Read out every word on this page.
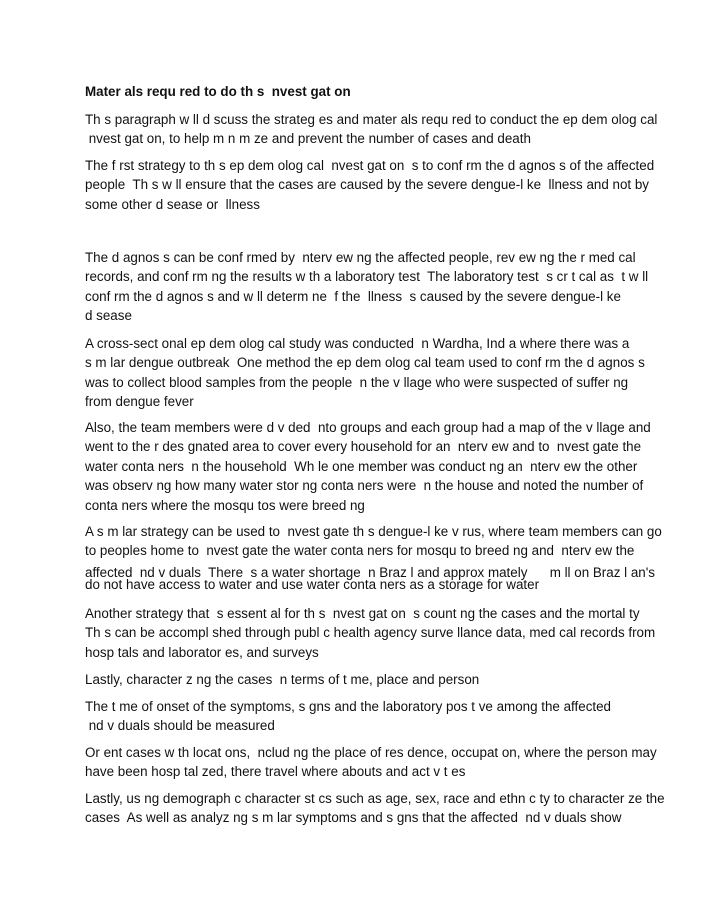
Mater als requ red to do th s  nvest gat on
Th s paragraph w ll d scuss the strateg es and mater als requ red to conduct the ep dem olog cal
nvest gat on, to help m n m ze and prevent the number of cases and death
The f rst strategy to th s ep dem olog cal  nvest gat on  s to conf rm the d agnos s of the affected
people  Th s w ll ensure that the cases are caused by the severe dengue-l ke  llness and not by
some other d sease or  llness
The d agnos s can be conf rmed by  nterv ew ng the affected people, rev ew ng the r med cal
records, and conf rm ng the results w th a laboratory test  The laboratory test  s cr t cal as  t w ll
conf rm the d agnos s and w ll determ ne  f the  llness  s caused by the severe dengue-l ke
d sease
A cross-sect onal ep dem olog cal study was conducted  n Wardha, Ind a where there was a
s m lar dengue outbreak  One method the ep dem olog cal team used to conf rm the d agnos s
was to collect blood samples from the people  n the v llage who were suspected of suffer ng
from dengue fever
Also, the team members were d v ded  nto groups and each group had a map of the v llage and
went to the r des gnated area to cover every household for an  nterv ew and to  nvest gate the
water conta ners  n the household  Wh le one member was conduct ng an  nterv ew the other
was observ ng how many water stor ng conta ners were  n the house and noted the number of
conta ners where the mosqu tos were breed ng
A s m lar strategy can be used to  nvest gate th s dengue-l ke v rus, where team members can go
to peoples home to  nvest gate the water conta ners for mosqu to breed ng and  nterv ew the
affected  nd v duals  There  s a water shortage  n Braz l and approx mately      m ll on Braz l an's
do not have access to water and use water conta ners as a storage for water
Another strategy that  s essent al for th s  nvest gat on  s count ng the cases and the mortal ty
Th s can be accompl shed through publ c health agency surve llance data, med cal records from
hosp tals and laborator es, and surveys
Lastly, character z ng the cases  n terms of t me, place and person
The t me of onset of the symptoms, s gns and the laboratory pos t ve among the affected
nd v duals should be measured
Or ent cases w th locat ons,  nclud ng the place of res dence, occupat on, where the person may
have been hosp tal zed, there travel where abouts and act v t es
Lastly, us ng demograph c character st cs such as age, sex, race and ethn c ty to character ze the
cases  As well as analyz ng s m lar symptoms and s gns that the affected  nd v duals show
